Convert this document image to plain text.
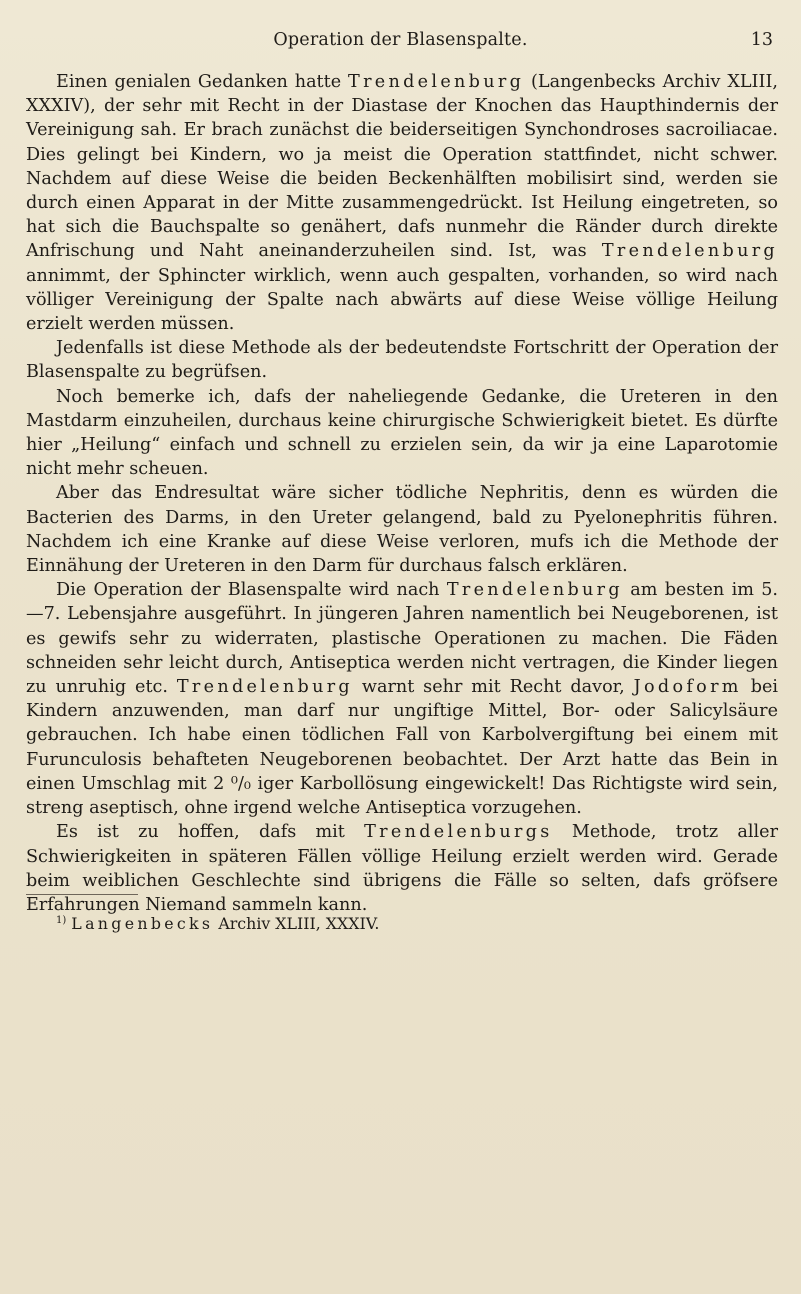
Operation der Blasenspalte.	13

Einen genialen Gedanken hatte Trendelenburg (Langenbecks Archiv XLIII, XXXIV), der sehr mit Recht in der Diastase der Knochen das Haupthindernis der Vereinigung sah. Er brach zunächst die beiderseitigen Synchondroses sacroiliacae. Dies gelingt bei Kindern, wo ja meist die Operation stattfindet, nicht schwer. Nachdem auf diese Weise die beiden Beckenhälften mobilisirt sind, werden sie durch einen Apparat in der Mitte zusammengedrückt. Ist Heilung eingetreten, so hat sich die Bauchspalte so genähert, dafs nunmehr die Ränder durch direkte Anfrischung und Naht aneinanderzuheilen sind. Ist, was Trendelenburg annimmt, der Sphincter wirklich, wenn auch gespalten, vorhanden, so wird nach völliger Vereinigung der Spalte nach abwärts auf diese Weise völlige Heilung erzielt werden müssen.

Jedenfalls ist diese Methode als der bedeutendste Fortschritt der Operation der Blasenspalte zu begrüfsen.

Noch bemerke ich, dafs der naheliegende Gedanke, die Ureteren in den Mastdarm einzuheilen, durchaus keine chirurgische Schwierigkeit bietet. Es dürfte hier „Heilung“ einfach und schnell zu erzielen sein, da wir ja eine Laparotomie nicht mehr scheuen.

Aber das Endresultat wäre sicher tödliche Nephritis, denn es würden die Bacterien des Darms, in den Ureter gelangend, bald zu Pyelonephritis führen. Nachdem ich eine Kranke auf diese Weise verloren, mufs ich die Methode der Einnähung der Ureteren in den Darm für durchaus falsch erklären.

Die Operation der Blasenspalte wird nach Trendelenburg am besten im 5.—7. Lebensjahre ausgeführt. In jüngeren Jahren namentlich bei Neugeborenen, ist es gewifs sehr zu widerraten, plastische Operationen zu machen. Die Fäden schneiden sehr leicht durch, Antiseptica werden nicht vertragen, die Kinder liegen zu unruhig etc. Trendelenburg warnt sehr mit Recht davor, Jodoform bei Kindern anzuwenden, man darf nur ungiftige Mittel, Bor- oder Salicylsäure gebrauchen. Ich habe einen tödlichen Fall von Karbolvergiftung bei einem mit Furunculosis behafteten Neugeborenen beobachtet. Der Arzt hatte das Bein in einen Umschlag mit 2 ⁰/₀ iger Karbollösung eingewickelt! Das Richtigste wird sein, streng aseptisch, ohne irgend welche Antiseptica vorzugehen.

Es ist zu hoffen, dafs mit Trendelenburgs Methode, trotz aller Schwierigkeiten in späteren Fällen völlige Heilung erzielt werden wird. Gerade beim weiblichen Geschlechte sind übrigens die Fälle so selten, dafs gröfsere Erfahrungen Niemand sammeln kann.

$^{1)}$ Langenbecks Archiv XLIII, XXXIV.
